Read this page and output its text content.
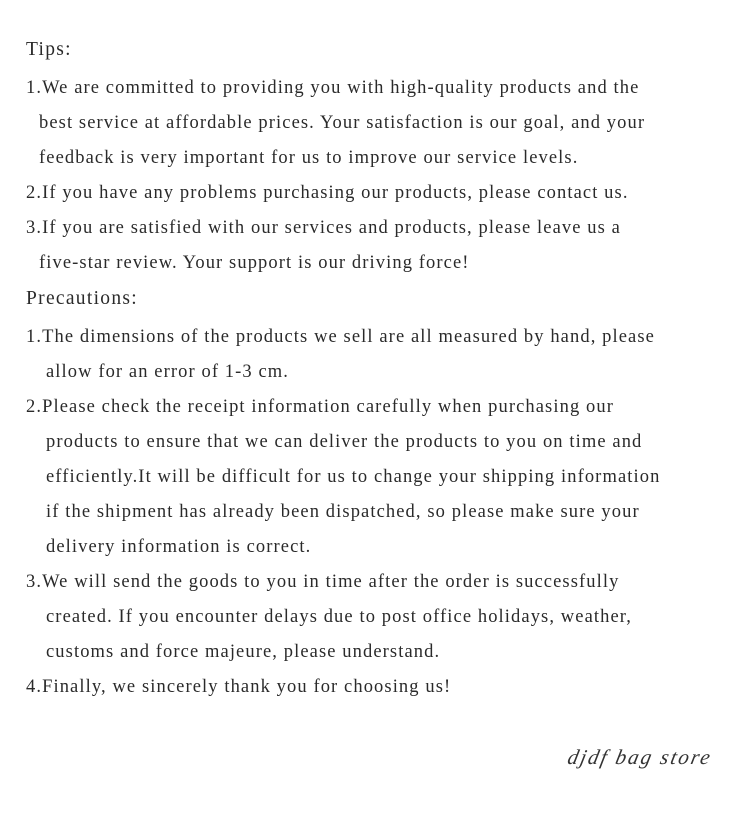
Tips:
1.We are committed to providing you with high-quality products and the
best service at affordable prices. Your satisfaction is our goal, and your
feedback is very important for us to improve our service levels.
2.If you have any problems purchasing our products, please contact us.
3.If you are satisfied with our services and products, please leave us a
five-star review. Your support is our driving force!
Precautions:
1.The dimensions of the products we sell are all measured by hand, please
allow for an error of 1-3 cm.
2.Please check the receipt information carefully when purchasing our
products to ensure that we can deliver the products to you on time and
efficiently.It will be difficult for us to change your shipping information
if the shipment has already been dispatched, so please make sure your
delivery information is correct.
3.We will send the goods to you in time after the order is successfully
created. If you encounter delays due to post office holidays, weather,
customs and force majeure, please understand.
4.Finally, we sincerely thank you for choosing us!
djdf bag store
